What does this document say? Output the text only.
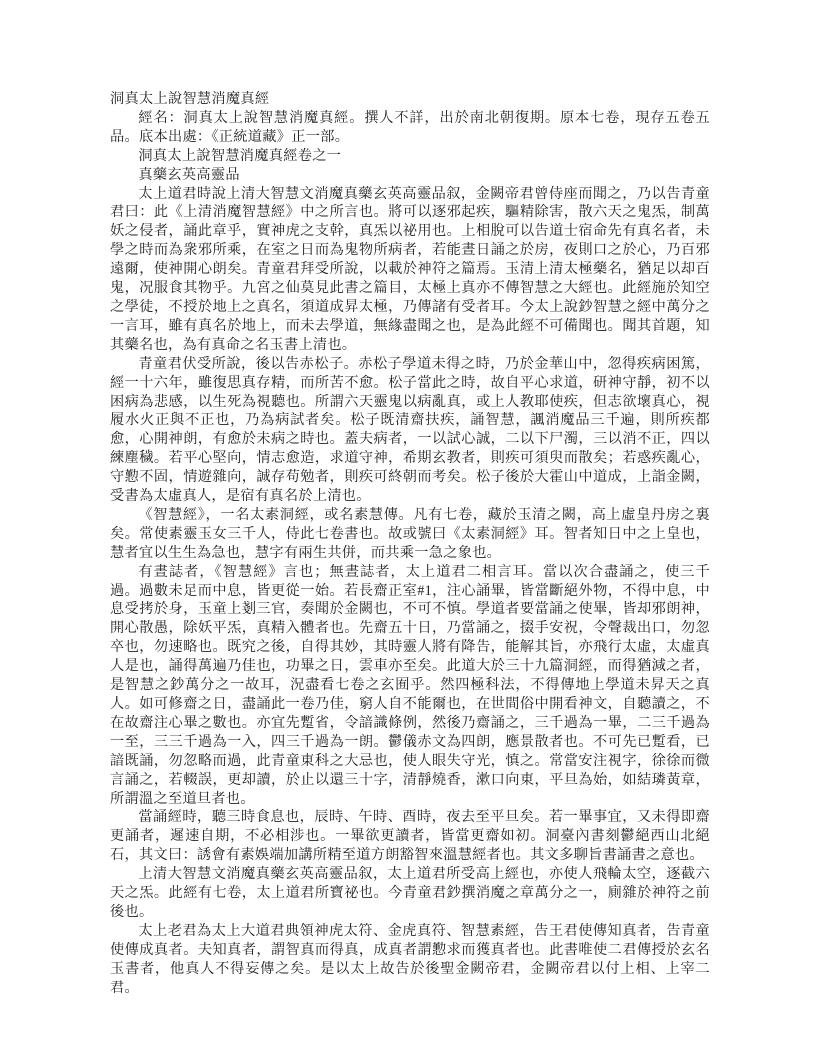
洞真太上說智慧消魔真經

經名：洞真太上說智慧消魔真經。撰人不詳，出於南北朝復期。原本七卷，現存五卷五品。底本出處：《正統道藏》正一部。

洞真太上說智慧消魔真經卷之一

真藥玄英高靈品

太上道君時說上清大智慧文消魔真藥玄英高靈品叙，金闕帝君曾侍座而聞之，乃以告青童君曰：此《上清消魔智慧經》中之所言也。將可以逐邪起疾，驅精除害，散六天之鬼炁，制萬妖之侵者，誦此章乎，實神虎之支幹，真炁以祕用也。上相脫可以告道士宿命先有真名者，未學之時而為衆邪所乘，在室之日而為鬼物所病者，若能晝日誦之於房，夜則口之於心，乃百邪遠爾，使神開心朗矣。青童君拜受所說，以載於神符之篇焉。玉清上清太極藥名，猶足以却百鬼，况服食其物乎。九宮之仙莫見此書之篇目，太極上真亦不傳智慧之大經也。此經施於知空之學徒，不授於地上之真名，須道成昇太極，乃傳諸有受者耳。今太上說鈔智慧之經中萬分之一言耳，雖有真名於地上，而未去學道，無緣盡聞之也，是為此經不可備聞也。聞其首題，知其藥名也，為有真命之名玉書上清也。

青童君伏受所說，後以告赤松子。赤松子學道未得之時，乃於金華山中，忽得疾病困篤，經一十六年，雖復思真存精，而所苦不愈。松子當此之時，故自平心求道，研神守靜，初不以困病為悲感，以生死為視聽也。所謂六天靈鬼以病亂真，或上人教耶使疾，但志欲壞真心，視履水火正與不正也，乃為病試者矣。松子既清齋扶疾，誦智慧，諷消魔品三千遍，則所疾都愈，心開神朗，有愈於未病之時也。蓋夫病者，一以試心誠，二以下尸濁，三以消不正，四以練塵穢。若平心堅向，情志愈造，求道守神，希期玄教者，則疾可須臾而散矣；若惑疾亂心，守懃不固，情遊雜向，誠存苟勉者，則疾可終朝而考矣。松子後於大霍山中道成，上詣金闕，受書為太虛真人，是宿有真名於上清也。

《智慧經》，一名太素洞經，或名素慧傳。凡有七卷，藏於玉清之闕，高上虛皇丹房之裏矣。常使素靈玉女三千人，侍此七卷書也。故或號曰《太素洞經》耳。智者知日中之上皇也，慧者宜以生生為急也，慧字有兩生共併，而共乘一急之象也。

有晝誌者，《智慧經》言也；無晝誌者，太上道君二相言耳。當以次合盡誦之，使三千過。過數未足而中息，皆更從一始。若長齋正室#1，注心誦畢，皆當斷絕外物，不得中息，中息受拷於身，玉童上剗三官，奏聞於金闕也，不可不慎。學道者要當誦之使畢，皆却邪朗神，開心散愚，除妖平炁，真精入體者也。先齋五十日，乃當誦之，掇手安祝，令聲裁出口，勿忽卒也，勿速略也。既究之後，自得其妙，其時靈人將有降告，能解其旨，亦飛行太虛，太虛真人是也，誦得萬遍乃佳也，功畢之日，雲車亦至矣。此道大於三十九篇洞經，而得猶減之者，是智慧之鈔萬分之一故耳，況盡看七卷之玄囿乎。然四極科法，不得傳地上學道未昇天之真人。如可修齋之日，盡誦此一卷乃佳，窮人自不能爾也，在世間俗中開看神文，自聽讀之，不在故齋注心畢之數也。亦宜先蹔省，令諳識條例，然後乃齋誦之，三千過為一畢，二三千過為一至，三三千過為一入，四三千過為一朗。鬱儀赤文為四朗，應景散者也。不可先已蹔看，已諳既誦，勿忽略而過，此青童東科之大忌也，使人眼失守光，慎之。常當安注視字，徐徐而微言誦之，若輟誤，更却讀，於止以還三十字，清靜燒香，漱口向東，平旦為始，如結璘黃章，所謂溫之至道旦者也。

當誦經時，聽三時食息也，辰時、午時、酉時，夜去至平旦矣。若一畢事宜，又未得即齋更誦者，遲速自期，不必相涉也。一畢欲更讀者，皆當更齋如初。洞臺內書刻鬱絕西山北絕石，其文曰：誘會有素娛端加講所精至道方朗豁智來溫慧經者也。其文多聊旨書誦書之意也。

上清大智慧文消魔真藥玄英高靈品叙，太上道君所受高上經也，亦使人飛輪太空，逐截六天之炁。此經有七卷，太上道君所寶祕也。今青童君鈔撰消魔之章萬分之一，廁雜於神符之前後也。

太上老君為太上大道君典領神虎太符、金虎真符、智慧素經，告王君使傳知真者，告青童使傳成真者。夫知真者，謂智真而得真，成真者謂懃求而獲真者也。此書唯使二君傳授於玄名玉書者，他真人不得妄傳之矣。是以太上故告於後聖金闕帝君，金闕帝君以付上相、上宰二君。
